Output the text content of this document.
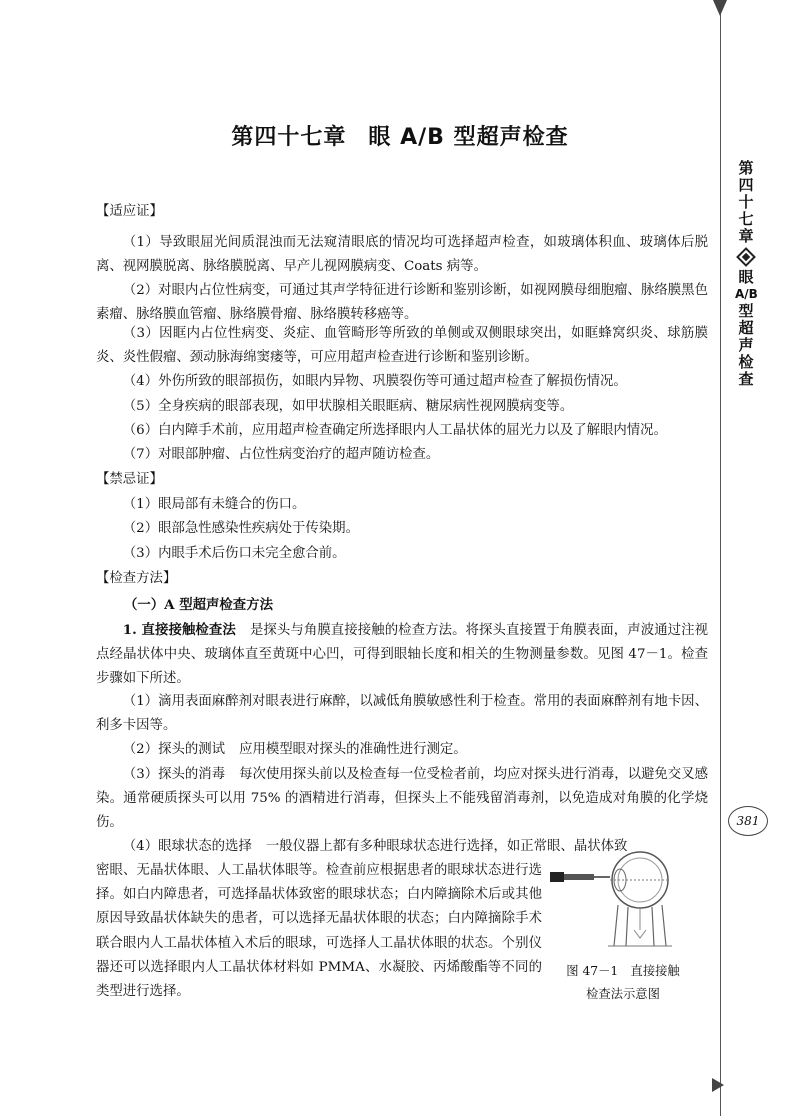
第
四
十
七
章
眼
A/B
型
超
声
检
查
381
第四十七章 眼 A/B 型超声检查
【适应证】
（1）导致眼屈光间质混浊而无法窥清眼底的情况均可选择超声检查，如玻璃体积血、玻璃体后脱离、视网膜脱离、脉络膜脱离、早产儿视网膜病变、Coats 病等。
（2）对眼内占位性病变，可通过其声学特征进行诊断和鉴别诊断，如视网膜母细胞瘤、脉络膜黑色素瘤、脉络膜血管瘤、脉络膜骨瘤、脉络膜转移癌等。
（3）因眶内占位性病变、炎症、血管畸形等所致的单侧或双侧眼球突出，如眶蜂窝织炎、球筋膜炎、炎性假瘤、颈动脉海绵窦瘘等，可应用超声检查进行诊断和鉴别诊断。
（4）外伤所致的眼部损伤，如眼内异物、巩膜裂伤等可通过超声检查了解损伤情况。
（5）全身疾病的眼部表现，如甲状腺相关眼眶病、糖尿病性视网膜病变等。
（6）白内障手术前，应用超声检查确定所选择眼内人工晶状体的屈光力以及了解眼内情况。
（7）对眼部肿瘤、占位性病变治疗的超声随访检查。
【禁忌证】
（1）眼局部有未缝合的伤口。
（2）眼部急性感染性疾病处于传染期。
（3）内眼手术后伤口未完全愈合前。
【检查方法】
（一）A 型超声检查方法
1. 直接接触检查法 是探头与角膜直接接触的检查方法。将探头直接置于角膜表面，声波通过注视点经晶状体中央、玻璃体直至黄斑中心凹，可得到眼轴长度和相关的生物测量参数。见图 47－1。检查步骤如下所述。
（1）滴用表面麻醉剂对眼表进行麻醉，以减低角膜敏感性利于检查。常用的表面麻醉剂有地卡因、利多卡因等。
（2）探头的测试 应用模型眼对探头的准确性进行测定。
（3）探头的消毒 每次使用探头前以及检查每一位受检者前，均应对探头进行消毒，以避免交叉感染。通常硬质探头可以用 75% 的酒精进行消毒，但探头上不能残留消毒剂，以免造成对角膜的化学烧伤。
（4）眼球状态的选择 一般仪器上都有多种眼球状态进行选择，如正常眼、晶状体致
密眼、无晶状体眼、人工晶状体眼等。检查前应根据患者的眼球状态进行选择。如白内障患者，可选择晶状体致密的眼球状态；白内障摘除术后或其他原因导致晶状体缺失的患者，可以选择无晶状体眼的状态；白内障摘除手术联合眼内人工晶状体植入术后的眼球，可选择人工晶状体眼的状态。个别仪器还可以选择眼内人工晶状体材料如 PMMA、水凝胶、丙烯酸酯等不同的类型进行选择。
图 47－1　直接接触
检查法示意图
